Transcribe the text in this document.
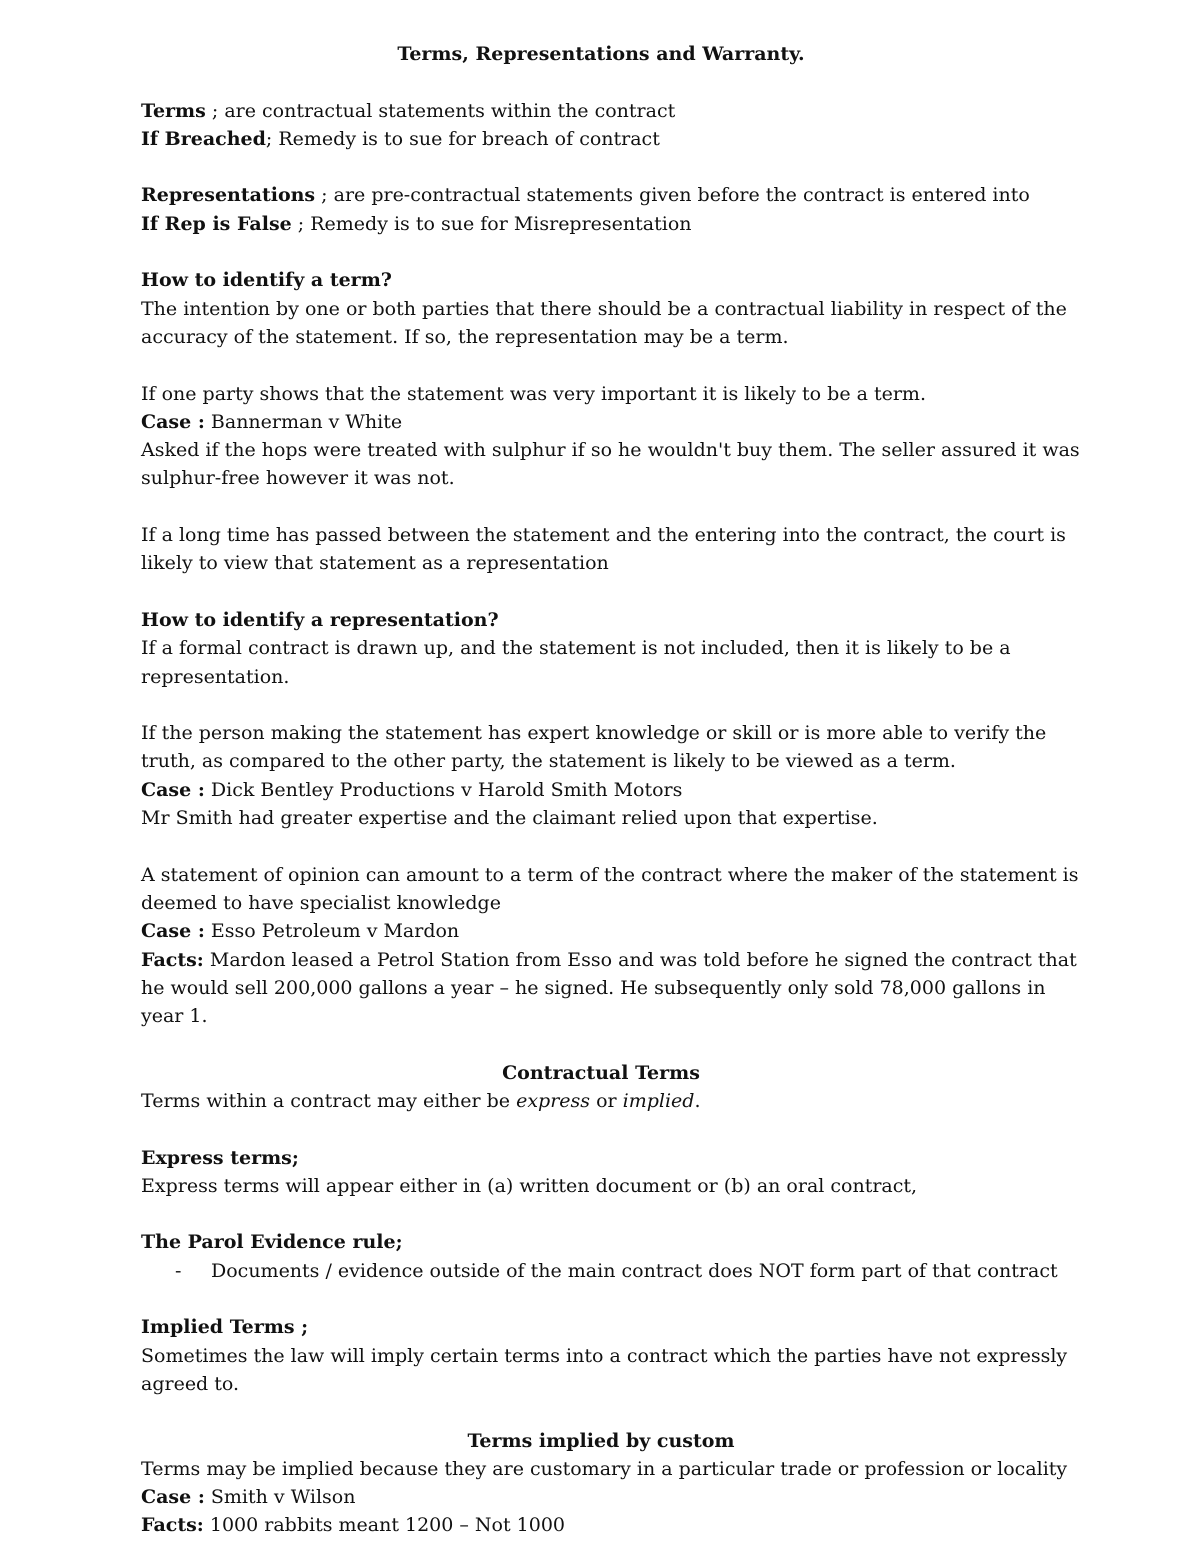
Terms, Representations and Warranty.
Terms ; are contractual statements within the contract
If Breached; Remedy is to sue for breach of contract
Representations ; are pre-contractual statements given before the contract is entered into
If Rep is False ; Remedy is to sue for Misrepresentation
How to identify a term?
The intention by one or both parties that there should be a contractual liability in respect of the
accuracy of the statement. If so, the representation may be a term.
If one party shows that the statement was very important it is likely to be a term.
Case : Bannerman v White
Asked if the hops were treated with sulphur if so he wouldn't buy them. The seller assured it was
sulphur-free however it was not.
If a long time has passed between the statement and the entering into the contract, the court is
likely to view that statement as a representation
How to identify a representation?
If a formal contract is drawn up, and the statement is not included, then it is likely to be a
representation.
If the person making the statement has expert knowledge or skill or is more able to verify the
truth, as compared to the other party, the statement is likely to be viewed as a term.
Case : Dick Bentley Productions v Harold Smith Motors
Mr Smith had greater expertise and the claimant relied upon that expertise.
A statement of opinion can amount to a term of the contract where the maker of the statement is
deemed to have specialist knowledge
Case : Esso Petroleum v Mardon
Facts: Mardon leased a Petrol Station from Esso and was told before he signed the contract that
he would sell 200,000 gallons a year – he signed. He subsequently only sold 78,000 gallons in
year 1.
Contractual Terms
Terms within a contract may either be express or implied.
Express terms;
Express terms will appear either in (a) written document or (b) an oral contract,
The Parol Evidence rule;
- Documents / evidence outside of the main contract does NOT form part of that contract
Implied Terms ;
Sometimes the law will imply certain terms into a contract which the parties have not expressly
agreed to.
Terms implied by custom
Terms may be implied because they are customary in a particular trade or profession or locality
Case : Smith v Wilson
Facts: 1000 rabbits meant 1200 – Not 1000
